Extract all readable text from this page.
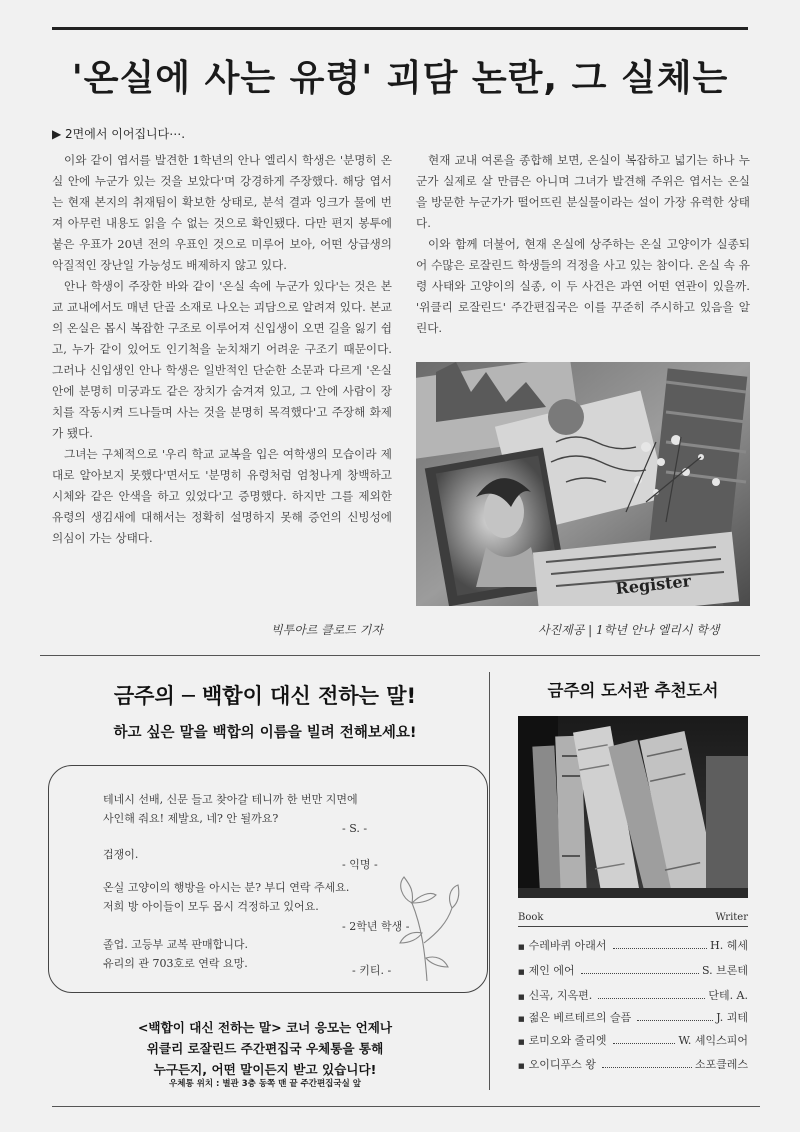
'온실에 사는 유령' 괴담 논란, 그 실체는
▶ 2면에서 이어집니다⋯.

이와 같이 엽서를 발견한 1학년의 안나 엘리시 학생은 '분명히 온실 안에 누군가 있는 것을 보았다'며 강경하게 주장했다. 해당 엽서는 현재 본지의 취재팀이 확보한 상태로, 분석 결과 잉크가 물에 번져 아무런 내용도 읽을 수 없는 것으로 확인됐다. 다만 편지 봉투에 붙은 우표가 20년 전의 우표인 것으로 미루어 보아, 어떤 상급생의 악질적인 장난일 가능성도 배제하지 않고 있다.

안나 학생이 주장한 바와 같이 '온실 속에 누군가 있다'는 것은 본교 교내에서도 매년 단골 소재로 나오는 괴담으로 알려져 있다. 본교의 온실은 몹시 복잡한 구조로 이루어져 신입생이 오면 길을 잃기 쉽고, 누가 같이 있어도 인기척을 눈치채기 어려운 구조기 때문이다. 그러나 신입생인 안나 학생은 일반적인 단순한 소문과 다르게 '온실 안에 분명히 미궁과도 같은 장치가 숨겨져 있고, 그 안에 사람이 장치를 작동시켜 드나들며 사는 것을 분명히 목격했다'고 주장해 화제가 됐다.

그녀는 구체적으로 '우리 학교 교복을 입은 여학생의 모습이라 제대로 알아보지 못했다'면서도 '분명히 유령처럼 엄청나게 창백하고 시체와 같은 안색을 하고 있었다'고 증명했다. 하지만 그를 제외한 유령의 생김새에 대해서는 정확히 설명하지 못해 증언의 신빙성에 의심이 가는 상태다.

현재 교내 여론을 종합해 보면, 온실이 복잡하고 넓기는 하나 누군가 실제로 살 만큼은 아니며 그녀가 발견해 주위은 엽서는 온실을 방문한 누군가가 떨어뜨린 분실물이라는 설이 가장 유력한 상태다.

이와 함께 더불어, 현재 온실에 상주하는 온실 고양이가 실종되어 수많은 로잘린드 학생들의 걱정을 사고 있는 참이다. 온실 속 유령 사태와 고양이의 실종, 이 두 사건은 과연 어떤 연관이 있을까. '위클리 로잘린드' 주간편집국은 이를 꾸준히 주시하고 있음을 알린다.

Register
빅투아르 클로드 기자	사진제공 | 1학년 안나 엘리시 학생
금주의 ─ 백합이 대신 전하는 말!
하고 싶은 말을 백합의 이름을 빌려 전해보세요!
테네시 선배, 신문 들고 찾아갈 테니까 한 번만 지면에
사인해 줘요! 제발요, 네? 안 될까요?
- S. -
겁쟁이.
- 익명 -
온실 고양이의 행방을 아시는 분? 부디 연락 주세요.
저희 방 아이들이 모두 몹시 걱정하고 있어요.
- 2학년 학생 -
졸업. 고등부 교복 판매합니다.
유리의 관 703호로 연락 요망.
- 키티. -
<백합이 대신 전하는 말> 코너 응모는 언제나
위클리 로잘린드 주간편집국 우체통을 통해
누구든지, 어떤 말이든지 받고 있습니다!
우체통 위치 : 별관 3층 동쪽 맨 끝 주간편집국실 앞
금주의 도서관 추천도서
Book	Writer
■ 수레바퀴 아래서	H. 헤세
■ 제인 에어	S. 브론테
■ 신곡, 지옥편.	단테. A.
■ 젊은 베르테르의 슬픔	J. 괴테
■ 로미오와 줄리엣	W. 셰익스피어
■ 오이디푸스 왕	소포클레스
